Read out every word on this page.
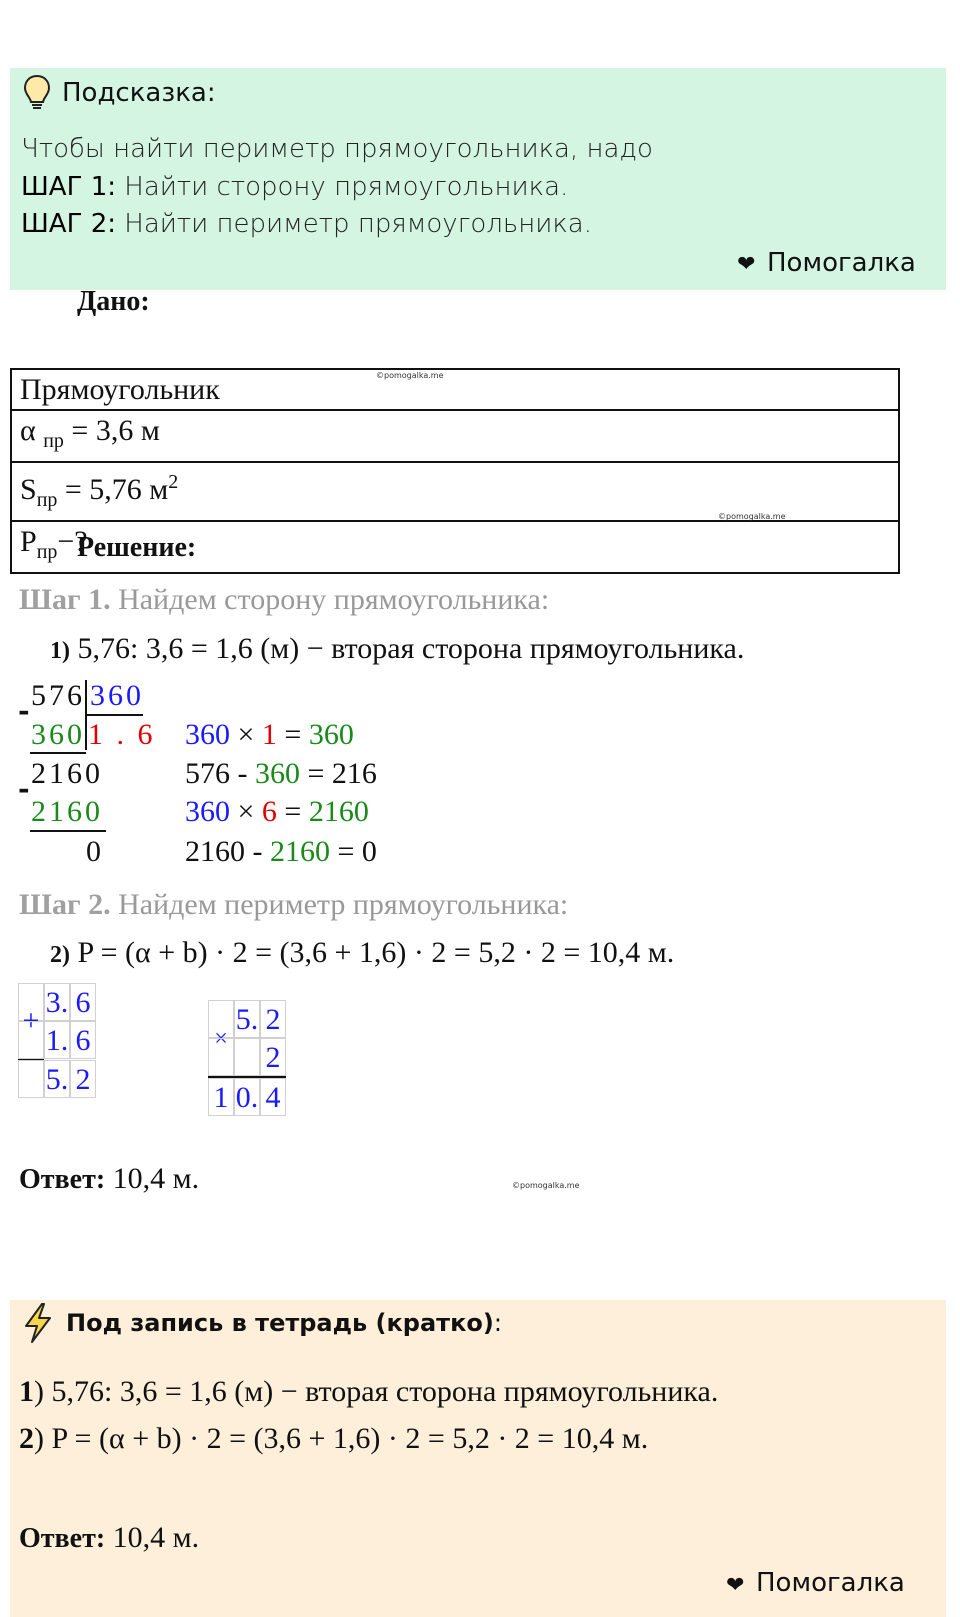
Подсказка:
Чтобы найти периметр прямоугольника, надо
ШАГ 1: Найти сторону прямоугольника.
ШАГ 2: Найти периметр прямоугольника.
❤ Помогалка
Дано:
Прямоугольник
α $_{пр}$ = 3,6 м
$S_{пр} = 5,76$ $м^2$
$P_{пр}-$?
©pomogalka.me
©pomogalka.me
Решение:
Шаг 1. Найдем сторону прямоугольника:
1) 5,76: 3,6 = 1,6 (м) − вторая сторона прямоугольника.
576 360
-
360 1 . 6
2160
-
2160
0
360 × 1 = 360
576 - 360 = 216
360 × 6 = 2160
2160 - 2160 = 0
Шаг 2. Найдем периметр прямоугольника:
2) P = (α + b) · 2 = (3,6 + 1,6) · 2 = 5,2 · 2 = 10,4 м.
3. 6
+
1. 6
5. 2
5. 2
×
2
1 0. 4
Ответ: 10,4 м.	©pomogalka.me
Под запись в тетрадь (кратко):
1) 5,76: 3,6 = 1,6 (м) − вторая сторона прямоугольника.
2) P = (α + b) · 2 = (3,6 + 1,6) · 2 = 5,2 · 2 = 10,4 м.
Ответ: 10,4 м.
❤ Помогалка
